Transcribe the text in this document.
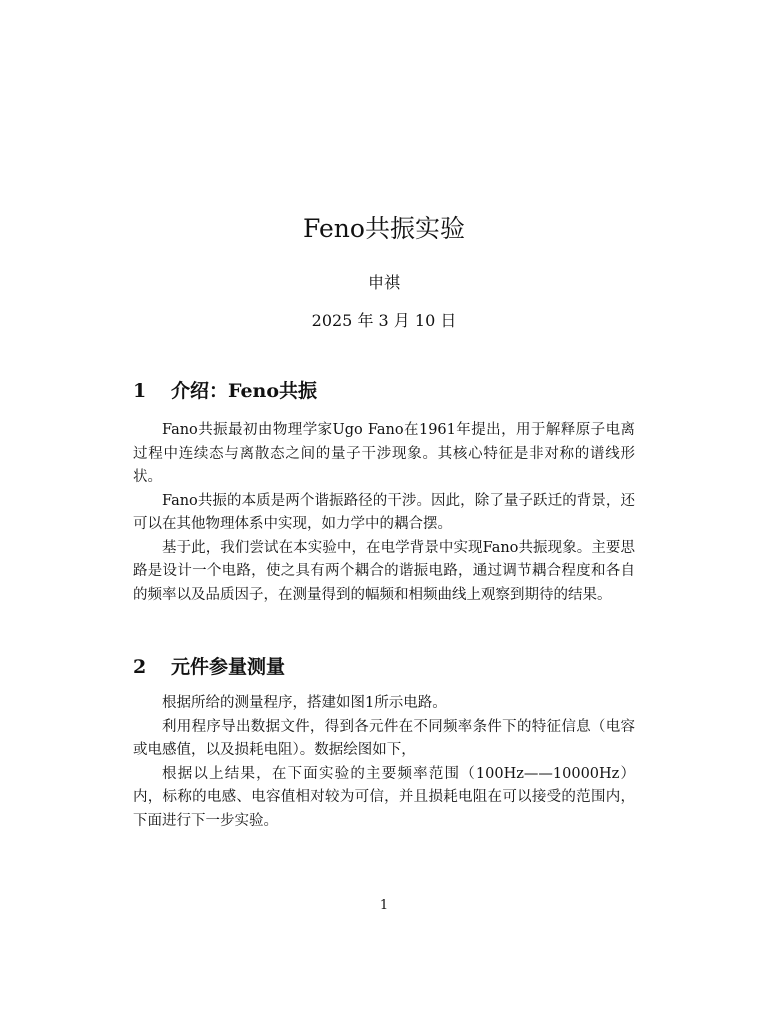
Feno共振实验
申祺
2025 年 3 月 10 日
1	介绍：Feno共振

Fano共振最初由物理学家Ugo Fano在1961年提出，用于解释原子电离过程中连续态与离散态之间的量子干涉现象。其核心特征是非对称的谱线形状。

Fano共振的本质是两个谐振路径的干涉。因此，除了量子跃迁的背景，还可以在其他物理体系中实现，如力学中的耦合摆。

基于此，我们尝试在本实验中，在电学背景中实现Fano共振现象。主要思路是设计一个电路，使之具有两个耦合的谐振电路，通过调节耦合程度和各自的频率以及品质因子，在测量得到的幅频和相频曲线上观察到期待的结果。

2	元件参量测量

根据所给的测量程序，搭建如图1所示电路。

利用程序导出数据文件，得到各元件在不同频率条件下的特征信息（电容或电感值，以及损耗电阻）。数据绘图如下，

根据以上结果，在下面实验的主要频率范围（100Hz——10000Hz）内，标称的电感、电容值相对较为可信，并且损耗电阻在可以接受的范围内，下面进行下一步实验。

1
